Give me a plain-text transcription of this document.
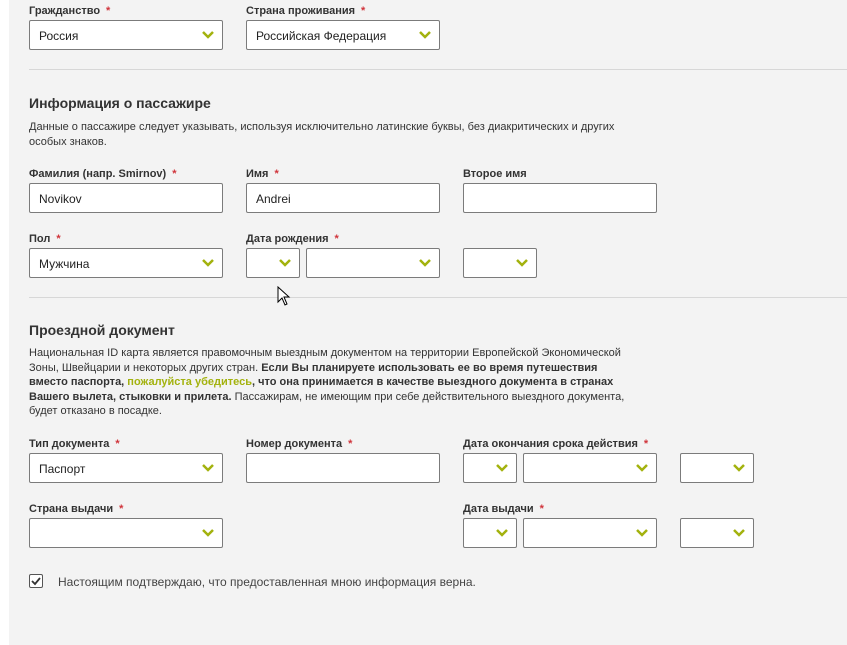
Гражданство *
Россия
Страна проживания *
Российская Федерация
Информация о пассажире
Данные о пассажире следует указывать, используя исключительно латинские буквы, без диакритических и других особых знаков.
Фамилия (напр. Smirnov) *
Novikov
Имя *
Andrei
Второе имя
Пол *
Мужчина
Дата рождения *
Проездной документ
Национальная ID карта является правомочным выездным документом на территории Европейской Экономической Зоны, Швейцарии и некоторых других стран. Если Вы планируете использовать ее во время путешествия вместо паспорта, пожалуйста убедитесь, что она принимается в качестве выездного документа в странах Вашего вылета, стыковки и прилета. Пассажирам, не имеющим при себе действительного выездного документа, будет отказано в посадке.
Тип документа *
Паспорт
Номер документа *	Дата окончания срока действия *
Страна выдачи *	Дата выдачи *
Настоящим подтверждаю, что предоставленная мною информация верна.
